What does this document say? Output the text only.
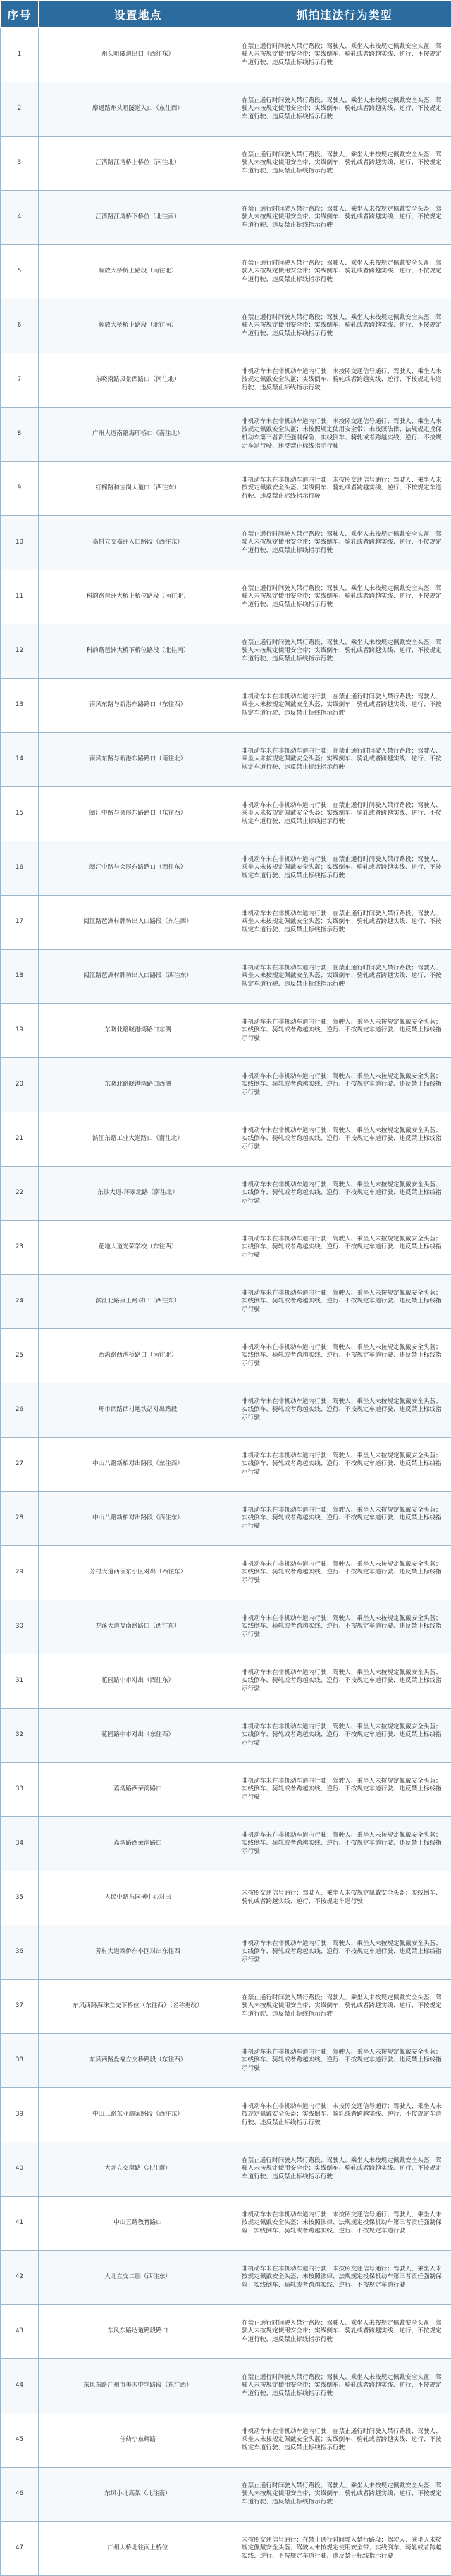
序号	设置地点	抓拍违法行为类型
1	州头咀隧道出口（西往东）	在禁止通行时间驶入禁行路段；驾驶人、乘坐人未按规定佩戴安全头盔；驾驶人未按规定使用安全带；实线倒车、骑轧或者跨越实线、逆行、不按规定车道行驶、违反禁止标线指示行驶
2	摩通路州头咀隧道入口（东往西）	在禁止通行时间驶入禁行路段；驾驶人、乘坐人未按规定佩戴安全头盔；驾驶人未按规定使用安全带；实线倒车、骑轧或者跨越实线、逆行、不按规定车道行驶、违反禁止标线指示行驶
3	江湾路江湾桥上桥位（南往北）	在禁止通行时间驶入禁行路段；驾驶人、乘坐人未按规定佩戴安全头盔；驾驶人未按规定使用安全带；实线倒车、骑轧或者跨越实线、逆行、不按规定车道行驶、违反禁止标线指示行驶
4	江湾路江湾桥下桥位（北往南）	在禁止通行时间驶入禁行路段；驾驶人、乘坐人未按规定佩戴安全头盔；驾驶人未按规定使用安全带；实线倒车、骑轧或者跨越实线、逆行、不按规定车道行驶、违反禁止标线指示行驶
5	解放大桥桥上路段（南往北）	在禁止通行时间驶入禁行路段；驾驶人、乘坐人未按规定佩戴安全头盔；驾驶人未按规定使用安全带；实线倒车、骑轧或者跨越实线、逆行、不按规定车道行驶、违反禁止标线指示行驶
6	解放大桥桥上路段（北往南）	在禁止通行时间驶入禁行路段；驾驶人、乘坐人未按规定佩戴安全头盔；驾驶人未按规定使用安全带；实线倒车、骑轧或者跨越实线、逆行、不按规定车道行驶、违反禁止标线指示行驶
7	东晓南路凤景西路口（南往北）	非机动车未在非机动车道内行驶；未按照交通信号通行；驾驶人、乘坐人未按规定佩戴安全头盔；实线倒车、骑轧或者跨越实线、逆行、不按规定车道行驶、违反禁止标线指示行驶
8	广州大道南路海印桥口（南往北）	非机动车未在非机动车道内行驶；未按照交通信号通行；驾驶人、乘坐人未按规定佩戴安全头盔；未按照规定使用安全带；未按照法律、法规规定投保机动车第三者责任强制保险；实线倒车、骑轧或者跨越实线、逆行、不按规定车道行驶、违反禁止标线指示行驶
9	红棉路和宝岗大道口（西往东）	非机动车未在非机动车道内行驶；未按照交通信号通行；驾驶人、乘坐人未按规定佩戴安全头盔；实线倒车、骑轧或者跨越实线、逆行、不按规定车道行驶、违反禁止标线指示行驶
10	嘉村立交嘉洲入口路段（西往东）	在禁止通行时间驶入禁行路段；驾驶人、乘坐人未按规定佩戴安全头盔；驾驶人未按规定使用安全带；实线倒车、骑轧或者跨越实线、逆行、不按规定车道行驶、违反禁止标线指示行驶
11	科韵路琶洲大桥上桥位路段（南往北）	在禁止通行时间驶入禁行路段；驾驶人、乘坐人未按规定佩戴安全头盔；驾驶人未按规定使用安全带；实线倒车、骑轧或者跨越实线、逆行、不按规定车道行驶、违反禁止标线指示行驶
12	科韵路琶洲大桥下桥位路段（北往南）	在禁止通行时间驶入禁行路段；驾驶人、乘坐人未按规定佩戴安全头盔；驾驶人未按规定使用安全带；实线倒车、骑轧或者跨越实线、逆行、不按规定车道行驶、违反禁止标线指示行驶
13	南风东路与新港东路路口（东往西）	非机动车未在非机动车道内行驶；在禁止通行时间驶入禁行路段；驾驶人、乘坐人未按规定佩戴安全头盔；实线倒车、骑轧或者跨越实线、逆行、不按规定车道行驶、违反禁止标线指示行驶
14	南风东路与新港东路路口（南往北）	非机动车未在非机动车道内行驶；在禁止通行时间驶入禁行路段；驾驶人、乘坐人未按规定佩戴安全头盔；实线倒车、骑轧或者跨越实线、逆行、不按规定车道行驶、违反禁止标线指示行驶
15	阅江中路与会展东路路口（东往西）	非机动车未在非机动车道内行驶；在禁止通行时间驶入禁行路段；驾驶人、乘坐人未按规定佩戴安全头盔；实线倒车、骑轧或者跨越实线、逆行、不按规定车道行驶、违反禁止标线指示行驶
16	阅江中路与会展东路路口（西往东）	非机动车未在非机动车道内行驶；在禁止通行时间驶入禁行路段；驾驶人、乘坐人未按规定佩戴安全头盔；实线倒车、骑轧或者跨越实线、逆行、不按规定车道行驶、违反禁止标线指示行驶
17	阅江路琶洲村牌坊出入口路段（东往西）	非机动车未在非机动车道内行驶；在禁止通行时间驶入禁行路段；驾驶人、乘坐人未按规定佩戴安全头盔；实线倒车、骑轧或者跨越实线、逆行、不按规定车道行驶、违反禁止标线指示行驶
18	阅江路琶洲村牌坊出入口路段（西往东）	非机动车未在非机动车道内行驶；在禁止通行时间驶入禁行路段；驾驶人、乘坐人未按规定佩戴安全头盔；实线倒车、骑轧或者跨越实线、逆行、不按规定车道行驶、违反禁止标线指示行驶
19	东晓北路晓港湾路口东侧	非机动车未在非机动车道内行驶；驾驶人、乘坐人未按规定佩戴安全头盔；实线倒车、骑轧或者跨越实线、逆行、不按规定车道行驶、违反禁止标线指示行驶
20	东晓北路晓港湾路口西侧	非机动车未在非机动车道内行驶；驾驶人、乘坐人未按规定佩戴安全头盔；实线倒车、骑轧或者跨越实线、逆行、不按规定车道行驶、违反禁止标线指示行驶
21	滨江东路工业大道路口（南往北）	非机动车未在非机动车道内行驶；驾驶人、乘坐人未按规定佩戴安全头盔；实线倒车、骑轧或者跨越实线、逆行、不按规定车道行驶、违反禁止标线指示行驶
22	东沙大道-环翠北路（南往北）	非机动车未在非机动车道内行驶；驾驶人、乘坐人未按规定佩戴安全头盔；实线倒车、骑轧或者跨越实线、逆行、不按规定车道行驶、违反禁止标线指示行驶
23	花地大道光荣学校（东往西）	非机动车未在非机动车道内行驶；驾驶人、乘坐人未按规定佩戴安全头盔；实线倒车、骑轧或者跨越实线、逆行、不按规定车道行驶、违反禁止标线指示行驶
24	滨江北路康王路对出（西往东）	非机动车未在非机动车道内行驶；驾驶人、乘坐人未按规定佩戴安全头盔；实线倒车、骑轧或者跨越实线、逆行、不按规定车道行驶、违反禁止标线指示行驶
25	西湾路西湾桥路口（南往北）	非机动车未在非机动车道内行驶；驾驶人、乘坐人未按规定佩戴安全头盔；实线倒车、骑轧或者跨越实线、逆行、不按规定车道行驶、违反禁止标线指示行驶
26	环市西路西村地铁站对出路段	非机动车未在非机动车道内行驶；驾驶人、乘坐人未按规定佩戴安全头盔；实线倒车、骑轧或者跨越实线、逆行、不按规定车道行驶、违反禁止标线指示行驶
27	中山八路新柏对出路段（东往西）	非机动车未在非机动车道内行驶；驾驶人、乘坐人未按规定佩戴安全头盔；实线倒车、骑轧或者跨越实线、逆行、不按规定车道行驶、违反禁止标线指示行驶
28	中山八路新柏对出路段（西往东）	非机动车未在非机动车道内行驶；驾驶人、乘坐人未按规定佩戴安全头盔；实线倒车、骑轧或者跨越实线、逆行、不按规定车道行驶、违反禁止标线指示行驶
29	芳村大道西侨东小区对出（西往东）	非机动车未在非机动车道内行驶；驾驶人、乘坐人未按规定佩戴安全头盔；实线倒车、骑轧或者跨越实线、逆行、不按规定车道行驶、违反禁止标线指示行驶
30	龙溪大道福南路路口（西往东）	非机动车未在非机动车道内行驶；驾驶人、乘坐人未按规定佩戴安全头盔；实线倒车、骑轧或者跨越实线、逆行、不按规定车道行驶、违反禁止标线指示行驶
31	花园路中市对出（西往东）	非机动车未在非机动车道内行驶；驾驶人、乘坐人未按规定佩戴安全头盔；实线倒车、骑轧或者跨越实线、逆行、不按规定车道行驶、违反禁止标线指示行驶
32	花园路中市对出（东往西）	非机动车未在非机动车道内行驶；驾驶人、乘坐人未按规定佩戴安全头盔；实线倒车、骑轧或者跨越实线、逆行、不按规定车道行驶、违反禁止标线指示行驶
33	荔湾路西荣湾路口	非机动车未在非机动车道内行驶；驾驶人、乘坐人未按规定佩戴安全头盔；实线倒车、骑轧或者跨越实线、逆行、不按规定车道行驶、违反禁止标线指示行驶
34	荔湾路西荣湾路口	非机动车未在非机动车道内行驶；驾驶人、乘坐人未按规定佩戴安全头盔；实线倒车、骑轧或者跨越实线、逆行、不按规定车道行驶、违反禁止标线指示行驶
35	人民中路东园横中心对出	未按照交通信号通行；驾驶人、乘坐人未按规定佩戴安全头盔；实线倒车、骑轧或者跨越实线、逆行、不按规定车道行驶
36	芳村大道西侨东小区对出东往西	非机动车未在非机动车道内行驶；驾驶人、乘坐人未按规定佩戴安全头盔；实线倒车、骑轧或者跨越实线、逆行、不按规定车道行驶、违反禁止标线指示行驶
37	东风西路海珠立交下桥位（东往西）（名称更改）	在禁止通行时间驶入禁行路段；驾驶人、乘坐人未按规定佩戴安全头盔；驾驶人未按规定使用安全带；实线倒车、骑轧或者跨越实线、逆行、不按规定车道行驶、违反禁止标线指示行驶
38	东风西路盘福立交桥路段（东往西）	非机动车未在非机动车道内行驶；驾驶人、乘坐人未按规定佩戴安全头盔；实线倒车、骑轧或者跨越实线、逆行、不按规定车道行驶、违反禁止标线指示行驶
39	中山三路东亚酒家路段（西往东）	非机动车未在非机动车道内行驶；未按照交通信号通行；驾驶人、乘坐人未按规定佩戴安全头盔；实线倒车、骑轧或者跨越实线、逆行、不按规定车道行驶、违反禁止标线指示行驶
40	大北立交南路（北往南）	在禁止通行时间驶入禁行路段；驾驶人、乘坐人未按规定佩戴安全头盔；驾驶人未按规定使用安全带；实线倒车、骑轧或者跨越实线、逆行、不按规定车道行驶、违反禁止标线指示行驶
41	中山五路教育路口	非机动车未在非机动车道内行驶；未按照交通信号通行；驾驶人、乘坐人未按规定佩戴安全头盔；未按照法律、法规规定投保机动车第三者责任强制保险；实线倒车、骑轧或者跨越实线、逆行、不按规定车道行驶
42	大北立交二层（西往东）	非机动车未在非机动车道内行驶；未按照交通信号通行；驾驶人、乘坐人未按规定佩戴安全头盔；未按照法律、法规规定投保机动车第三者责任强制保险；实线倒车、骑轧或者跨越实线、逆行、不按规定车道行驶
43	东风东路达道路段路口	在禁止通行时间驶入禁行路段；驾驶人、乘坐人未按规定佩戴安全头盔；驾驶人未按规定使用安全带；实线倒车、骑轧或者跨越实线、逆行、不按规定车道行驶、违反禁止标线指示行驶
44	东风东路广州市美术中学路段（东往西）	在禁止通行时间驶入禁行路段；驾驶人、乘坐人未按规定佩戴安全头盔；驾驶人未按规定使用安全带；实线倒车、骑轧或者跨越实线、逆行、不按规定车道行驶、违反禁止标线指示行驶
45	佳幼小东辉路	非机动车未在非机动车道内行驶；在禁止通行时间驶入禁行路段；驾驶人、乘坐人未按规定佩戴安全头盔；实线倒车、骑轧或者跨越实线、逆行、不按规定车道行驶、违反禁止标线指示行驶
46	东风小北高架（北往南）	在禁止通行时间驶入禁行路段；驾驶人、乘坐人未按规定佩戴安全头盔；驾驶人未按规定使用安全带；实线倒车、骑轧或者跨越实线、逆行、不按规定车道行驶、违反禁止标线指示行驶
47	广州大桥北往南上桥位	未按照交通信号通行；在禁止通行时间驶入禁行路段；驾驶人、乘坐人未按规定佩戴安全头盔；驾驶人未按规定使用安全带；实线倒车、骑轧或者跨越实线、逆行、不按规定车道行驶、违反禁止标线指示行驶
